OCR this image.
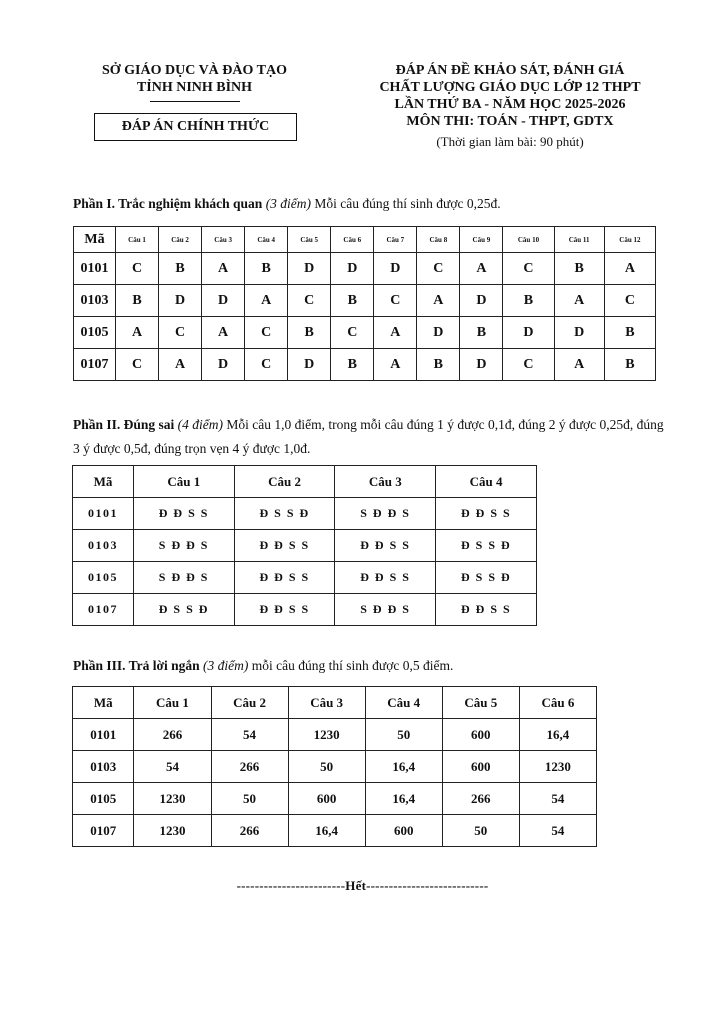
SỞ GIÁO DỤC VÀ ĐÀO TẠO
TỈNH NINH BÌNH
ĐÁP ÁN CHÍNH THỨC
ĐÁP ÁN ĐỀ KHẢO SÁT, ĐÁNH GIÁ
CHẤT LƯỢNG GIÁO DỤC LỚP 12 THPT
LẦN THỨ BA - NĂM HỌC 2025-2026
MÔN THI: TOÁN - THPT, GDTX
(Thời gian làm bài: 90 phút)
Phần I. Trắc nghiệm khách quan (3 điểm) Mỗi câu đúng thí sinh được 0,25đ.
Mã	Câu 1	Câu 2	Câu 3	Câu 4	Câu 5	Câu 6	Câu 7	Câu 8	Câu 9	Câu 10	Câu 11	Câu 12
0101	C	B	A	B	D	D	D	C	A	C	B	A
0103	B	D	D	A	C	B	C	A	D	B	A	C
0105	A	C	A	C	B	C	A	D	B	D	D	B
0107	C	A	D	C	D	B	A	B	D	C	A	B
Phần II. Đúng sai (4 điểm) Mỗi câu 1,0 điểm, trong mỗi câu đúng 1 ý được 0,1đ, đúng 2 ý được 0,25đ, đúng 3 ý được 0,5đ, đúng trọn vẹn 4 ý được 1,0đ.
Mã	Câu 1	Câu 2	Câu 3	Câu 4
0101	Đ Đ S S	Đ S S Đ	S Đ Đ S	Đ Đ S S
0103	S Đ Đ S	Đ Đ S S	Đ Đ S S	Đ S S Đ
0105	S Đ Đ S	Đ Đ S S	Đ Đ S S	Đ S S Đ
0107	Đ S S Đ	Đ Đ S S	S Đ Đ S	Đ Đ S S
Phần III. Trả lời ngắn (3 điểm) mỗi câu đúng thí sinh được 0,5 điểm.
Mã	Câu 1	Câu 2	Câu 3	Câu 4	Câu 5	Câu 6
0101	266	54	1230	50	600	16,4
0103	54	266	50	16,4	600	1230
0105	1230	50	600	16,4	266	54
0107	1230	266	16,4	600	50	54
------------------------Hết---------------------------
